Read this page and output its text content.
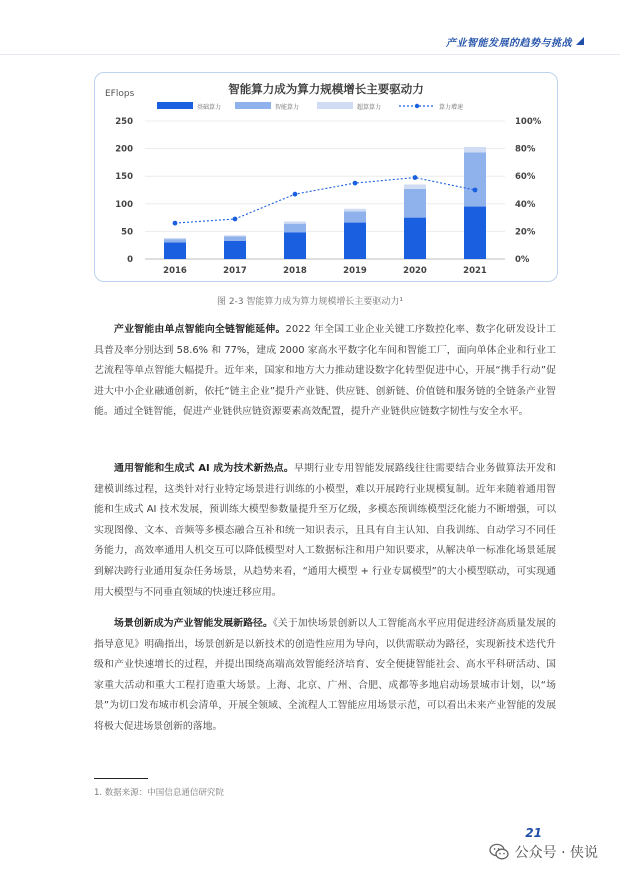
产业智能发展的趋势与挑战
智能算力成为算力规模增长主要驱动力
EFlops
基础算力	智能算力	超算算力	算力增速
250
200
150
100
50
0
100%
80%
60%
40%
20%
0%
2016	2017	2018	2019	2020	2021
图 2-3 智能算力成为算力规模增长主要驱动力¹

产业智能由单点智能向全链智能延伸。2022 年全国工业企业关键工序数控化率、数字化研发设计工具普及率分别达到 58.6% 和 77%，建成 2000 家高水平数字化车间和智能工厂，面向单体企业和行业工艺流程等单点智能大幅提升。近年来，国家和地方大力推动建设数字化转型促进中心，开展“携手行动”促进大中小企业融通创新，依托“链主企业”提升产业链、供应链、创新链、价值链和服务链的全链条产业智能。通过全链智能，促进产业链供应链资源要素高效配置，提升产业链供应链数字韧性与安全水平。

通用智能和生成式 AI 成为技术新热点。早期行业专用智能发展路线往往需要结合业务做算法开发和建模训练过程，这类针对行业特定场景进行训练的小模型，难以开展跨行业规模复制。近年来随着通用智能和生成式 AI 技术发展，预训练大模型参数量提升至万亿级，多模态预训练模型泛化能力不断增强，可以实现图像、文本、音频等多模态融合互补和统一知识表示，且具有自主认知、自我训练、自动学习不同任务能力，高效率通用人机交互可以降低模型对人工数据标注和用户知识要求，从解决单一标准化场景延展到解决跨行业通用复杂任务场景，从趋势来看，“通用大模型 + 行业专属模型”的大小模型联动，可实现通用大模型与不同垂直领域的快速迁移应用。

场景创新成为产业智能发展新路径。《关于加快场景创新以人工智能高水平应用促进经济高质量发展的指导意见》明确指出，场景创新是以新技术的创造性应用为导向，以供需联动为路径，实现新技术迭代升级和产业快速增长的过程，并提出围绕高端高效智能经济培育、安全便捷智能社会、高水平科研活动、国家重大活动和重大工程打造重大场景。上海、北京、广州、合肥、成都等多地启动场景城市计划，以“场景”为切口发布城市机会清单，开展全领域、全流程人工智能应用场景示范，可以看出未来产业智能的发展将极大促进场景创新的落地。

1. 数据来源：中国信息通信研究院
21
公众号 · 侠说
